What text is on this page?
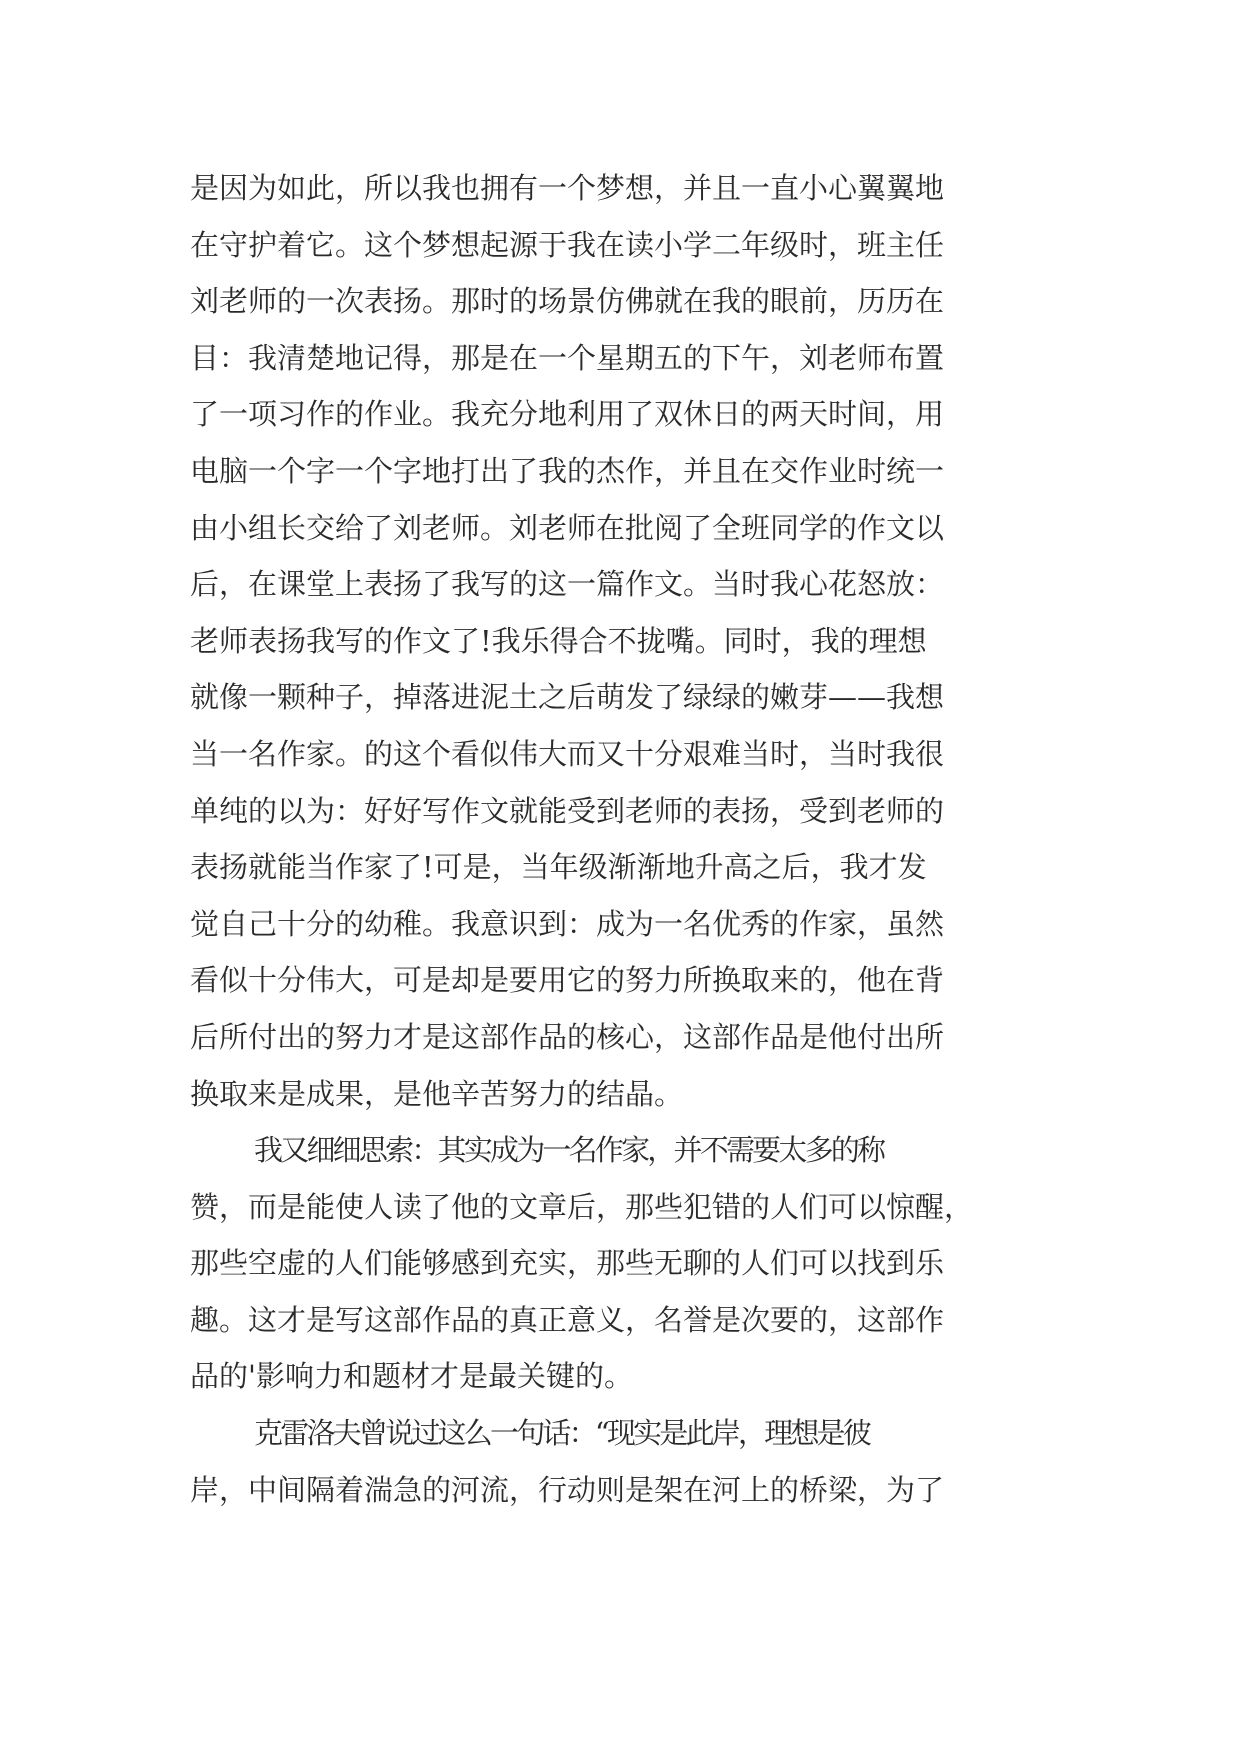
是因为如此，所以我也拥有一个梦想，并且一直小心翼翼地
在守护着它。这个梦想起源于我在读小学二年级时，班主任
刘老师的一次表扬。那时的场景仿佛就在我的眼前，历历在
目：我清楚地记得，那是在一个星期五的下午，刘老师布置
了一项习作的作业。我充分地利用了双休日的两天时间，用
电脑一个字一个字地打出了我的杰作，并且在交作业时统一
由小组长交给了刘老师。刘老师在批阅了全班同学的作文以
后，在课堂上表扬了我写的这一篇作文。当时我心花怒放：
老师表扬我写的作文了!我乐得合不拢嘴。同时，我的理想
就像一颗种子，掉落进泥土之后萌发了绿绿的嫩芽——我想
当一名作家。的这个看似伟大而又十分艰难当时，当时我很
单纯的以为：好好写作文就能受到老师的表扬，受到老师的
表扬就能当作家了!可是，当年级渐渐地升高之后，我才发
觉自己十分的幼稚。我意识到：成为一名优秀的作家，虽然
看似十分伟大，可是却是要用它的努力所换取来的，他在背
后所付出的努力才是这部作品的核心，这部作品是他付出所
换取来是成果，是他辛苦努力的结晶。
我又细细思索：其实成为一名作家，并不需要太多的称
赞，而是能使人读了他的文章后，那些犯错的人们可以惊醒，
那些空虚的人们能够感到充实，那些无聊的人们可以找到乐
趣。这才是写这部作品的真正意义，名誉是次要的，这部作
品的'影响力和题材才是最关键的。
克雷洛夫曾说过这么一句话：“现实是此岸，理想是彼
岸，中间隔着湍急的河流，行动则是架在河上的桥梁，为了
